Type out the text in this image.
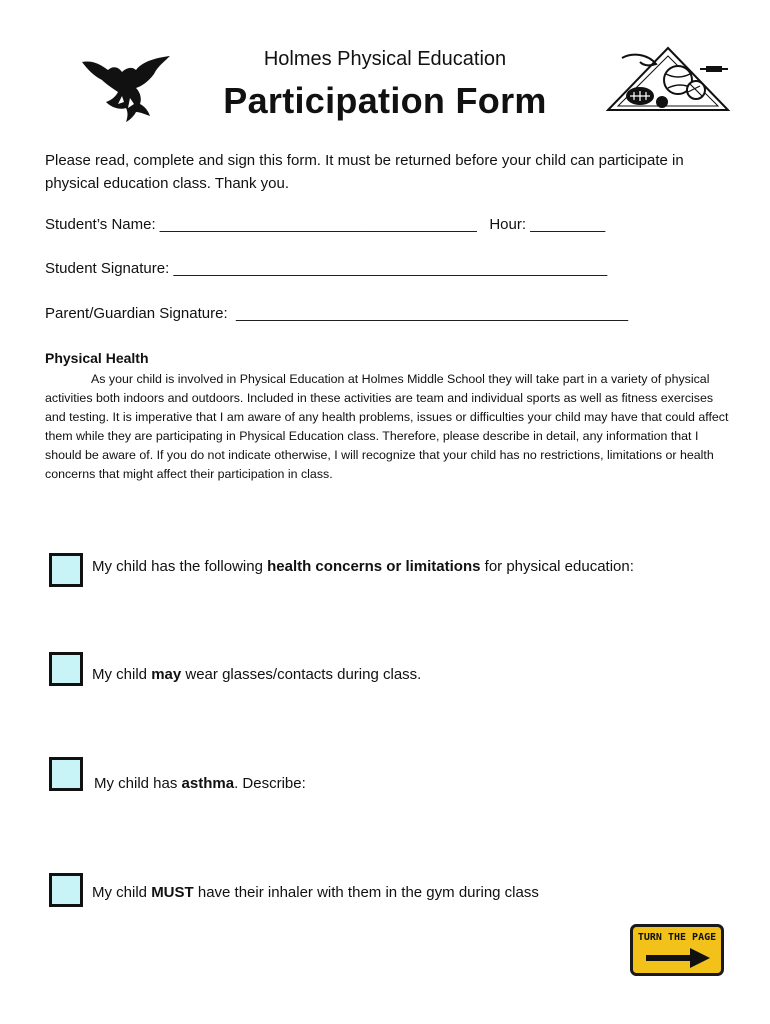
Holmes Physical Education
Participation Form
Please read, complete and sign this form. It must be returned before your child can participate in physical education class. Thank you.
Student’s Name: ______________________________________ Hour: _________
Student Signature: ____________________________________________________
Parent/Guardian Signature: _______________________________________________
Physical Health
As your child is involved in Physical Education at Holmes Middle School they will take part in a variety of physical activities both indoors and outdoors. Included in these activities are team and individual sports as well as fitness exercises and testing. It is imperative that I am aware of any health problems, issues or difficulties your child may have that could affect them while they are participating in Physical Education class. Therefore, please describe in detail, any information that I should be aware of. If you do not indicate otherwise, I will recognize that your child has no restrictions, limitations or health concerns that might affect their participation in class.
My child has the following health concerns or limitations for physical education:
My child may wear glasses/contacts during class.
My child has asthma. Describe:
My child MUST have their inhaler with them in the gym during class
TURN THE PAGE
